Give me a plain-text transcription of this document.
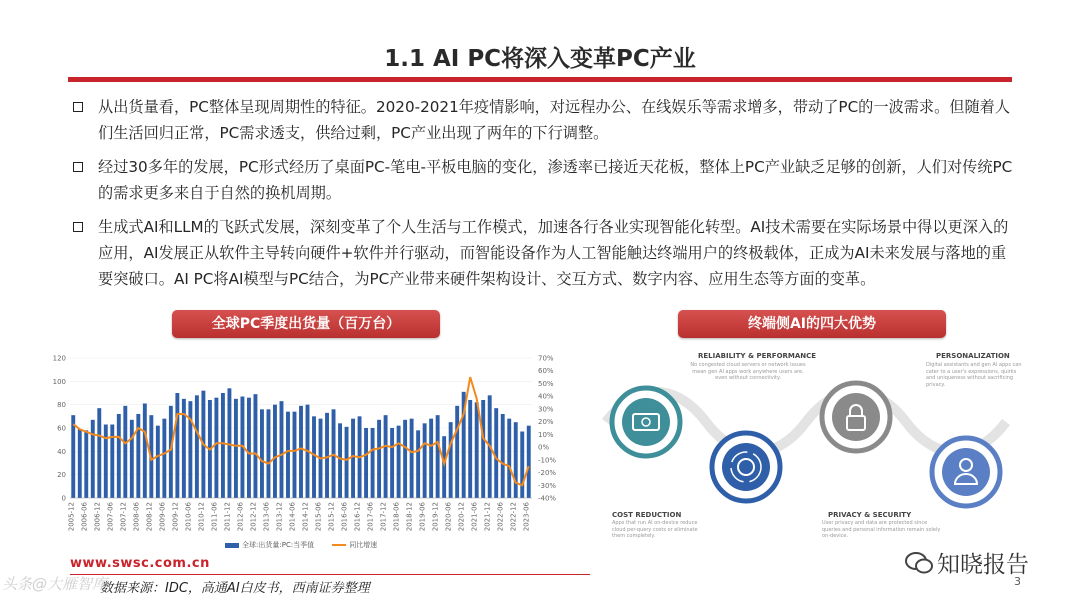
1.1 AI PC将深入变革PC产业
从出货量看，PC整体呈现周期性的特征。2020-2021年疫情影响，对远程办公、在线娱乐等需求增多，带动了PC的一波需求。但随着人们生活回归正常，PC需求透支，供给过剩，PC产业出现了两年的下行调整。
经过30多年的发展，PC形式经历了桌面PC-笔电-平板电脑的变化，渗透率已接近天花板，整体上PC产业缺乏足够的创新，人们对传统PC的需求更多来自于自然的换机周期。
生成式AI和LLM的飞跃式发展，深刻变革了个人生活与工作模式，加速各行各业实现智能化转型。AI技术需要在实际场景中得以更深入的应用，AI发展正从软件主导转向硬件+软件并行驱动，而智能设备作为人工智能触达终端用户的终极载体，正成为AI未来发展与落地的重要突破口。AI PC将AI模型与PC结合，为PC产业带来硬件架构设计、交互方式、数字内容、应用生态等方面的变革。
全球PC季度出货量（百万台）	终端侧AI的四大优势
0
20
40
60
80
100
120	70%
60%
50%
40%
30%
20%
10%
0%
-10%
-20%
-30%
-40%
2005-12 2006-06 2006-12 2007-06 2007-12 2008-06 2008-12 2009-06 2009-12 2010-06 2010-12 2011-06 2011-12 2012-06 2012-12 2013-06 2013-12 2014-06 2014-12 2015-06 2015-12 2016-06 2016-12 2017-06 2017-12 2018-06 2018-12 2019-06 2019-12 2020-06 2020-12 2021-06 2021-12 2022-06 2022-12 2023-06
全球:出货量:PC:当季值	同比增速
RELIABILITY & PERFORMANCE
No congested cloud servers or network issues mean gen AI apps work anywhere users are, even without connectivity.
PERSONALIZATION
Digital assistants and gen AI apps can cater to a user's expressions, quirks and uniqueness without sacrificing privacy.
COST REDUCTION
Apps that run AI on-device reduce cloud per-query costs or eliminate them completely.
PRIVACY & SECURITY
User privacy and data are protected since queries and personal information remain solely on-device.
www.swsc.com.cn
数据来源：IDC，高通AI白皮书，西南证券整理
头条@大雁智库
知晓报告
3
